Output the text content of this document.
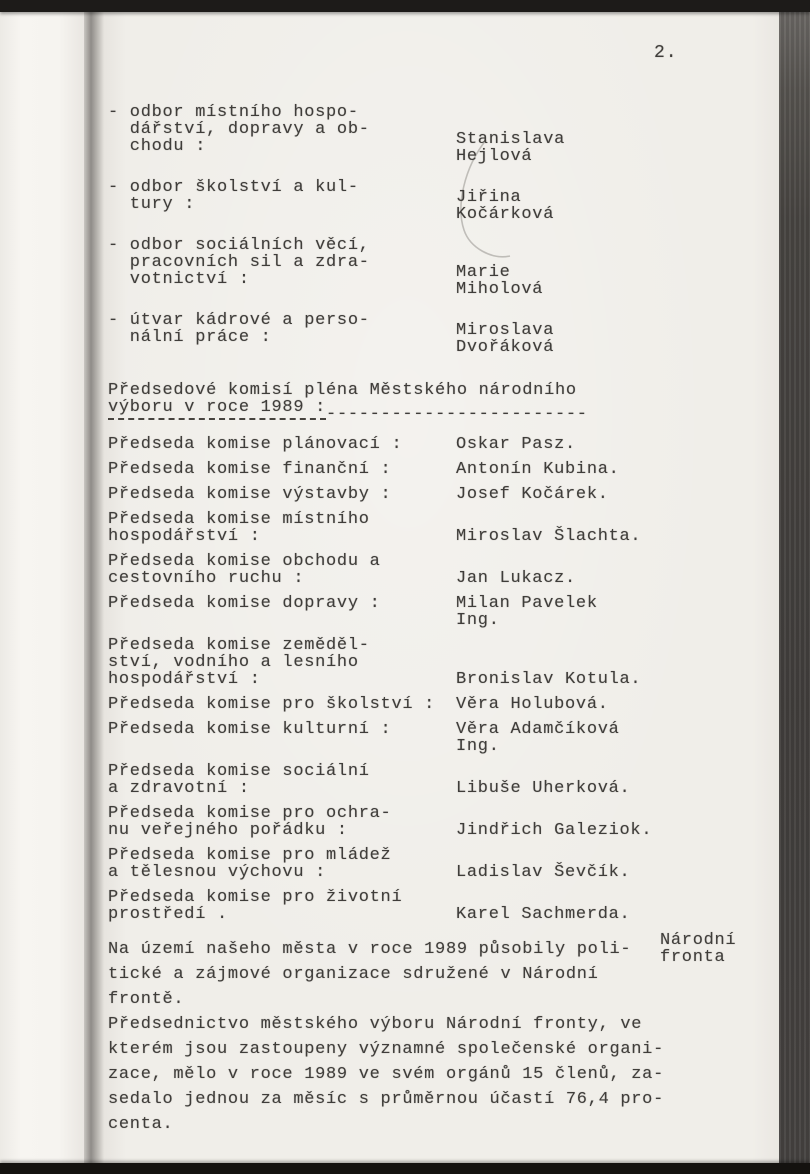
2.
- odbor místního hospo-
dářství, dopravy a ob-
chodu :	Stanislava
Hejlová
- odbor školství a kul-
tury :	Jiřina
Kočárková
- odbor sociálních věcí,
pracovních sil a zdra-
votnictví :	Marie
Miholová
- útvar kádrové a perso-
nální práce :	Miroslava
Dvořáková
Předsedové komisí pléna Městského národního
výboru v roce 1989 :------------------------
Předseda komise plánovací :	Oskar Pasz.
Předseda komise finanční :	Antonín Kubina.
Předseda komise výstavby :	Josef Kočárek.
Předseda komise místního
hospodářství :	Miroslav Šlachta.
Předseda komise obchodu a
cestovního ruchu :	Jan Lukacz.
Předseda komise dopravy :	Milan Pavelek
Ing.
Předseda komise zeměděl-
ství, vodního a lesního
hospodářství :	Bronislav Kotula.
Předseda komise pro školství :	Věra Holubová.
Předseda komise kulturní :	Věra Adamčíková
Ing.
Předseda komise sociální
a zdravotní :	Libuše Uherková.
Předseda komise pro ochra-
nu veřejného pořádku :	Jindřich Galeziok.
Předseda komise pro mládež
a tělesnou výchovu :	Ladislav Ševčík.
Předseda komise pro životní
prostředí .	Karel Sachmerda.
Na území našeho města v roce 1989 působily poli-
tické a zájmové organizace sdružené v Národní
frontě.
Předsednictvo městského výboru Národní fronty, ve
kterém jsou zastoupeny významné společenské organi-
zace, mělo v roce 1989 ve svém orgánů 15 členů, za-
sedalo jednou za měsíc s průměrnou účastí 76,4 pro-
centa.
Národní
fronta
